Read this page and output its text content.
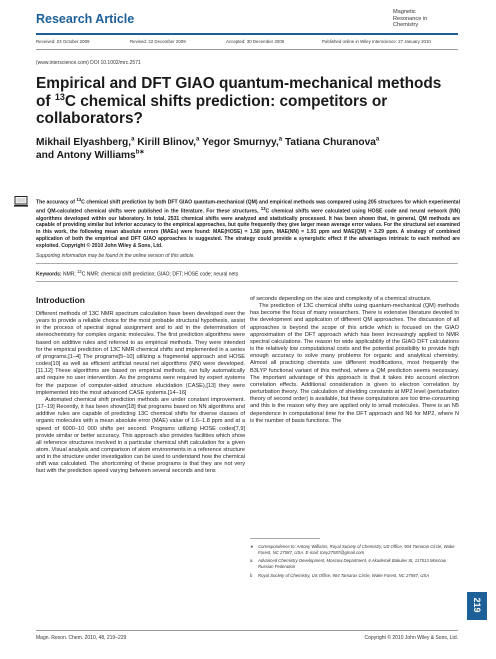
Research Article	Magnetic
Resonance in
Chemistry
Received: 23 October 2009	Revised: 22 December 2009	Accepted: 30 December 2009	Published online in Wiley Interscience: 27 January 2010
(www.interscience.com) DOI 10.1002/mrc.2571
Empirical and DFT GIAO quantum-mechanical methods of $^{13}$C chemical shifts prediction: competitors or collaborators?
Mikhail Elyashberg,$^a$ Kirill Blinov,$^a$ Yegor Smurnyy,$^a$ Tatiana Churanova$^a$
and Antony Williams$^{b∗}$
The accuracy of $^{13}$C chemical shift prediction by both DFT GIAO quantum-mechanical (QM) and empirical methods was compared using 205 structures for which experimental and QM-calculated chemical shifts were published in the literature. For these structures, $^{13}$C chemical shifts were calculated using HOSE code and neural network (NN) algorithms developed within our laboratory. In total, 2531 chemical shifts were analyzed and statistically processed. It has been shown that, in general, QM methods are capable of providing similar but inferior accuracy to the empirical approaches, but quite frequently they give larger mean average error values. For the structural set examined in this work, the following mean absolute errors (MAEs) were found: MAE(HOSE) = 1.58 ppm, MAE(NN) = 1.91 ppm and MAE(QM) = 3.29 ppm. A strategy of combined application of both the empirical and DFT GIAO approaches is suggested. The strategy could provide a synergistic effect if the advantages intrinsic to each method are exploited. Copyright © 2010 John Wiley & Sons, Ltd.
Supporting information may be found in the online version of this article.
Keywords: NMR; $^{13}$C NMR; chemical shift prediction; GIAO; DFT; HOSE code; neural nets
Introduction

Different methods of 13C NMR spectrum calculation have been developed over the years to provide a reliable choice for the most probable structural hypothesis, assist in the process of spectral signal assignment and to aid in the determination of stereochemistry for complex organic molecules. The first prediction algorithms were based on additive rules and referred to as empirical methods. They were intended for the empirical prediction of 13C NMR chemical shifts and implemented in a series of programs.[1–4] The programs[5–10] utilizing a fragmental approach and HOSE codes[10] as well as efficient artificial neural net algorithms (NN) were developed.[11,12] These algorithms are based on empirical methods, run fully automatically and require no user intervention. As the programs were required by expert systems for the purpose of computer-aided structure elucidation (CASE),[13] they were implemented into the most advanced CASE systems.[14–16]

Automated chemical shift prediction methods are under constant improvement.[17–19] Recently, it has been shown[18] that programs based on NN algorithms and additive rules are capable of predicting 13C chemical shifts for diverse classes of organic molecules with a mean absolute error (MAE) value of 1.6–1.8 ppm and at a speed of 6000–10 000 shifts per second. Programs utilizing HOSE codes[7,9] provide similar or better accuracy. This approach also provides facilities which show all reference structures involved in a particular chemical shift calculation for a given atom. Visual analysis and comparison of atom environments in a reference structure and in the structure under investigation can be used to understand how the chemical shift was calculated. The shortcoming of these programs is that they are not very fast with the prediction speed varying between several seconds and tens

of seconds depending on the size and complexity of a chemical structure.

The prediction of 13C chemical shifts using quantum-mechanical (QM) methods has become the focus of many researchers. There is extensive literature devoted to the development and application of different QM approaches. The discussion of all approaches is beyond the scope of this article which is focused on the GIAO approximation of the DFT approach which has been increasingly applied to NMR spectral calculations. The reason for wide applicability of the GIAO DFT calculations is the relatively low computational costs and the potential possibility to provide high enough accuracy to solve many problems for organic and analytical chemistry. Almost all practicing chemists use different modifications, most frequently the B3LYP functional variant of this method, where a QM prediction seems necessary. The important advantage of this approach is that it takes into account electron correlation effects. Additional consideration is given to electron correlation by perturbation theory. The calculation of shielding constants at MP2 level (perturbation theory of second order) is available, but these computations are too time-consuming and this is the reason why they are applied only to small molecules. There is an N5 dependence in computational time for the DFT approach and N6 for MP2, where N is the number of basis functions. The

∗ Correspondence to: Antony Williams, Royal Society of Chemistry, US Office, 904 Tamaras Circle, Wake Forest, NC 27587, USA. E-mail: tony27587@gmail.com
a Advanced Chemistry Development, Moscow Department, 6 Akademik Bakulev St, 117513 Moscow, Russian Federation
b Royal Society of Chemistry, US Office, 904 Tamaras Circle, Wake Forest, NC 27587, USA
219
Magn. Reson. Chem. 2010, 48, 219–229	Copyright © 2010 John Wiley & Sons, Ltd.
